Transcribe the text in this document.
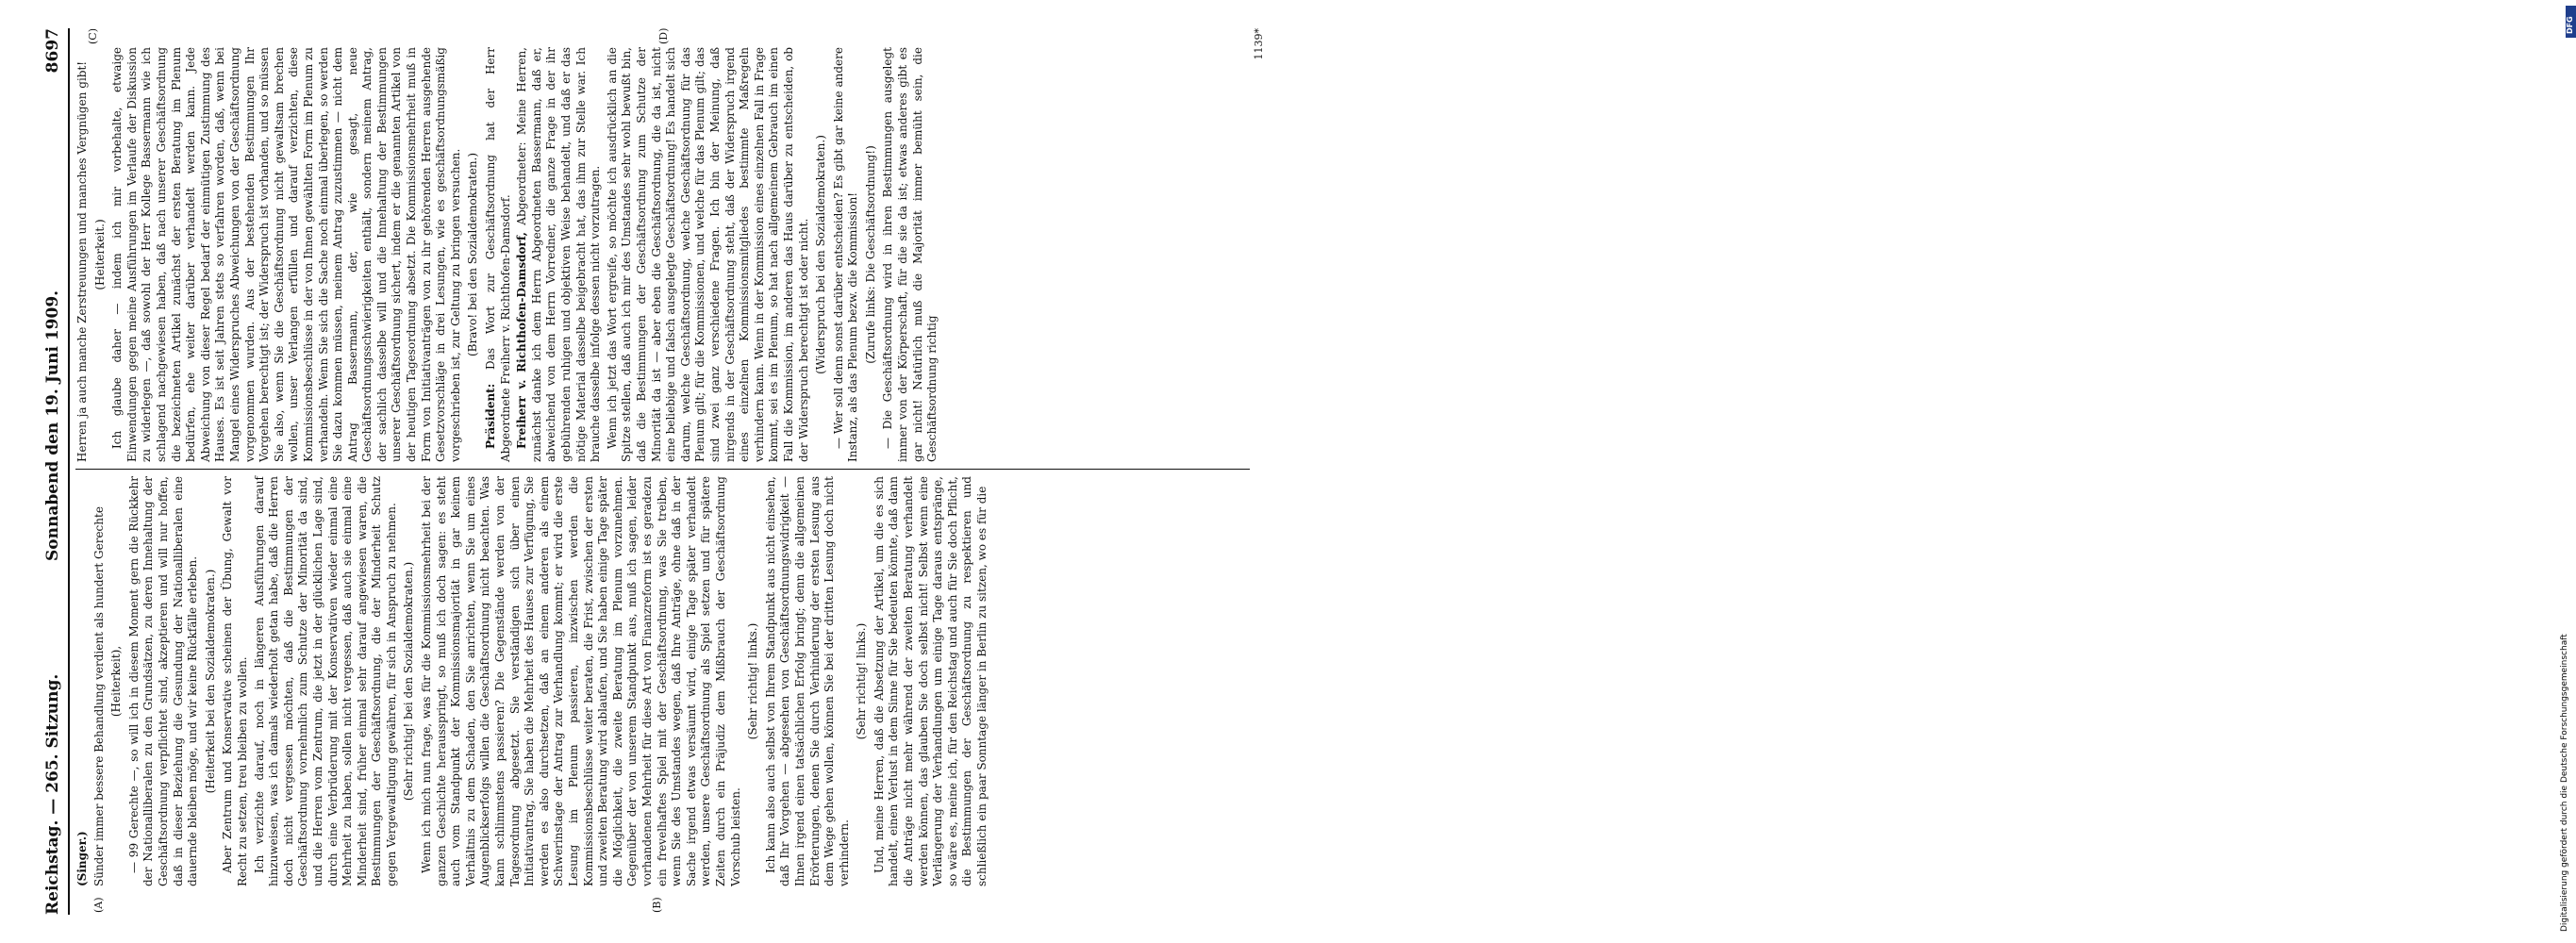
Reichstag. — 265. Sitzung.
Sonnabend den 19. Juni 1909.
8697
(A)	(B)
(C)	(D)

(Singer.) Sünder immer bessere Behandlung verdient als hundert Gerechte (Heiterkeit), — 99 Gerechte —, so will ich in diesem Moment gern die Rückkehr der Nationalliberalen zu den Grundsätzen, zu deren Innehaltung der Geschäftsordnung verpflichtet sind, akzeptieren und will nur hoffen, daß in dieser Beziehung die Gesundung der Nationalliberalen eine dauernde bleiben möge, und wir keine Rückfälle erleben. (Heiterkeit bei den Sozialdemokraten.) Aber Zentrum und Konservative scheinen der Übung, Gewalt vor Recht zu setzen, treu bleiben zu wollen. Ich verzichte darauf, noch in längeren Ausführungen darauf hinzuweisen, was ich damals wiederholt getan habe, daß die Herren doch nicht vergessen möchten, daß die Bestimmungen der Geschäftsordnung vornehmlich zum Schutze der Minorität da sind, und die Herren vom Zentrum, die jetzt in der glücklichen Lage sind, durch eine Verbrüderung mit der Konservativen wieder einmal eine Mehrheit zu haben, sollen nicht vergessen, daß auch sie einmal eine Minderheit sind, früher einmal sehr darauf angewiesen waren, die Bestimmungen der Geschäftsordnung, die der Minderheit Schutz gegen Vergewaltigung gewähren, für sich in Anspruch zu nehmen. (Sehr richtig! bei den Sozialdemokraten.) Wenn ich mich nun frage, was für die Kommissionsmehrheit bei der ganzen Geschichte herausspringt, so muß ich doch sagen: es steht auch vom Standpunkt der Kommissionsmajorität in gar keinem Verhältnis zu dem Schaden, den Sie anrichten, wenn Sie um eines Augenblickserfolgs willen die Geschäftsordnung nicht beachten. Was kann schlimmstens passieren? Die Gegenstände werden von der Tagesordnung abgesetzt. Sie verständigen sich über einen Initiativantrag, Sie haben die Mehrheit des Hauses zur Verfügung, Sie werden es also durchsetzen, daß an einem anderen als einem Schwerinstage der Antrag zur Verhandlung kommt; er wird die erste Lesung im Plenum passieren, inzwischen werden die Kommissionsbeschlüsse weiter beraten, die Frist, zwischen der ersten und zweiten Beratung wird ablaufen, und Sie haben einige Tage später die Möglichkeit, die zweite Beratung im Plenum vorzunehmen. Gegenüber der von unserem Standpunkt aus, muß ich sagen, leider vorhandenen Mehrheit für diese Art von Finanzreform ist es geradezu ein frevelhaftes Spiel mit der Geschäftsordnung, was Sie treiben, wenn Sie des Umstandes wegen, daß Ihre Anträge, ohne daß in der Sache irgend etwas versäumt wird, einige Tage später verhandelt werden, unsere Geschäftsordnung als Spiel setzen und für spätere Zeiten durch ein Präjudiz dem Mißbrauch der Geschäftsordnung Vorschub leisten.

(Sehr richtig! links.) Ich kann also auch selbst von Ihrem Standpunkt aus nicht einsehen, daß Ihr Vorgehen — abgesehen von Geschäftsordnungswidrigkeit — Ihnen irgend einen tatsächlichen Erfolg bringt; denn die allgemeinen Erörterungen, denen Sie durch Verhinderung der ersten Lesung aus dem Wege gehen wollen, können Sie bei der dritten Lesung doch nicht verhindern.

(Sehr richtig! links.) Und, meine Herren, daß die Absetzung der Artikel, um die es sich handelt, einen Verlust in dem Sinne für Sie bedeuten könnte, daß dann die Anträge nicht mehr während der zweiten Beratung verhandelt werden können, das glauben Sie doch selbst nicht! Selbst wenn eine Verlängerung der Verhandlungen um einige Tage daraus entspränge, so wäre es, meine ich, für den Reichstag und auch für Sie doch Pflicht, die Bestimmungen der Geschäftsordnung zu respektieren und schließlich ein paar Sonntage länger in Berlin zu sitzen, wo es für die

Herren ja auch manche Zerstreuungen und manches Vergnügen gibt! (Heiterkeit.) Ich glaube daher — indem ich mir vorbehalte, etwaige Einwendungen gegen meine Ausführungen im Verlaufe der Diskussion zu widerlegen —, daß sowohl der Herr Kollege Bassermann wie ich schlagend nachgewiesen haben, daß nach unserer Geschäftsordnung die bezeichneten Artikel zunächst der ersten Beratung im Plenum bedürfen, ehe weiter darüber verhandelt werden kann. Jede Abweichung von dieser Regel bedarf der einmütigen Zustimmung des Hauses. Es ist seit Jahren stets so verfahren worden, daß, wenn bei Mangel eines Widerspruches Abweichungen von der Geschäftsordnung vorgenommen wurden. Aus der bestehenden Bestimmungen Ihr Vorgehen berechtigt ist; der Widerspruch ist vorhanden, und so müssen Sie also, wenn Sie die Geschäftsordnung nicht gewaltsam brechen wollen, unser Verlangen erfüllen und darauf verzichten, diese Kommissionsbeschlüsse in der von Ihnen gewählten Form im Plenum zu verhandeln. Wenn Sie sich die Sache noch einmal überlegen, so werden Sie dazu kommen müssen, meinem Antrag zuzustimmen — nicht dem Antrag Bassermann, der, wie gesagt, neue Geschäftsordnungsschwierigkeiten enthält, sondern meinem Antrag, der sachlich dasselbe will und die Innehaltung der Bestimmungen unserer Geschäftsordnung sichert, indem er die genannten Artikel von der heutigen Tagesordnung absetzt. Die Kommissionsmehrheit muß in Form von Initiativanträgen von zu ihr gehörenden Herren ausgehende Gesetzvorschläge in drei Lesungen, wie es geschäftsordnungsmäßig vorgeschrieben ist, zur Geltung zu bringen versuchen. (Bravo! bei den Sozialdemokraten.)

Präsident: Das Wort zur Geschäftsordnung hat der Herr Abgeordnete Freiherr v. Richthofen-Damsdorf. Freiherr v. Richthofen-Damsdorf, Abgeordneter: Meine Herren, zunächst danke ich dem Herrn Abgeordneten Bassermann, daß er, abweichend von dem Herrn Vorredner, die ganze Frage in der ihr gebührenden ruhigen und objektiven Weise behandelt, und daß er das nötige Material dasselbe beigebracht hat, das ihm zur Stelle war. Ich brauche dasselbe infolge dessen nicht vorzutragen. Wenn ich jetzt das Wort ergreife, so möchte ich ausdrücklich an die Spitze stellen, daß auch ich mir des Umstandes sehr wohl bewußt bin, daß die Bestimmungen der Geschäftsordnung zum Schutze der Minorität da ist — aber eben die Geschäftsordnung, die da ist, nicht eine beliebige und falsch ausgelegte Geschäftsordnung! Es handelt sich darum, welche Geschäftsordnung, welche Geschäftsordnung für das Plenum gilt; für die Kommissionen, und welche für das Plenum gilt; das sind zwei ganz verschiedene Fragen. Ich bin der Meinung, daß nirgends in der Geschäftsordnung steht, daß der Widerspruch irgend eines einzelnen Kommissionsmitgliedes bestimmte Maßregeln verhindern kann. Wenn in der Kommission eines einzelnen Fall in Frage kommt, sei es im Plenum, so hat nach allgemeinem Gebrauch im einen Fall die Kommission, im anderen das Haus darüber zu entscheiden, ob der Widerspruch berechtigt ist oder nicht. (Widerspruch bei den Sozialdemokraten.) — Wer soll denn sonst darüber entscheiden? Es gibt gar keine andere Instanz, als das Plenum bezw. die Kommission! (Zurufe links: Die Geschäftsordnung!) — Die Geschäftsordnung wird in ihren Bestimmungen ausgelegt immer von der Körperschaft, für die sie da ist; etwas anderes gibt es gar nicht! Natürlich muß die Majorität immer bemüht sein, die Geschäftsordnung richtig

1139*
DFG
Digitalisierung gefördert durch die Deutsche Forschungsgemeinschaft
